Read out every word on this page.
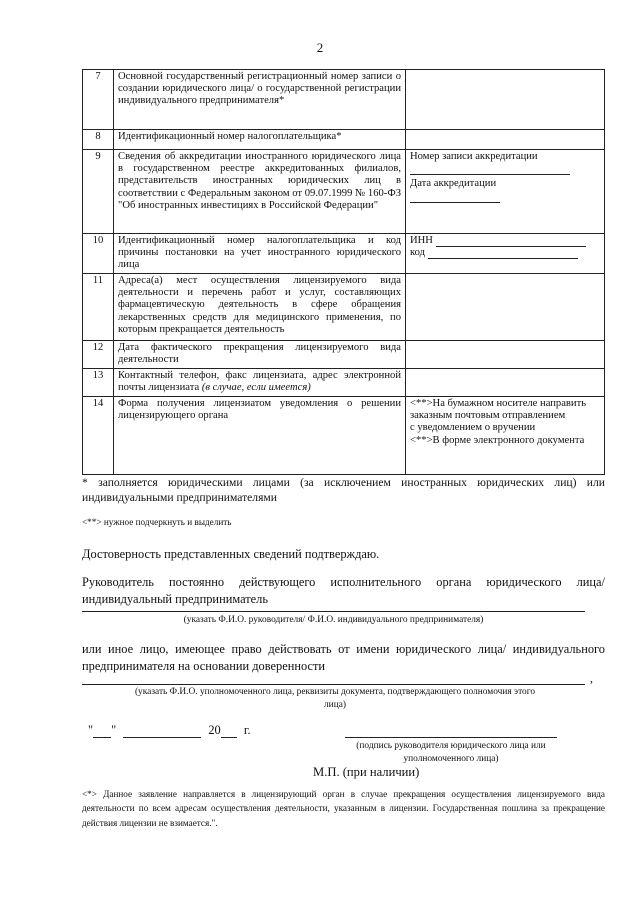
2
7	Основной государственный регистрационный номер записи о создании юридического лица/ о государственной регистрации индивидуального предпринимателя*	
8	Идентификационный номер налогоплательщика*	
9	Сведения об аккредитации иностранного юридического лица в государственном реестре аккредитованных филиалов, представительств иностранных юридических лиц в соответствии с Федеральным законом от 09.07.1999 № 160-ФЗ "Об иностранных инвестициях в Российской Федерации"	Номер записи аккредитации
Дата аккредитации

10	Идентификационный номер налогоплательщика и код причины постановки на учет иностранного юридического лица	ИНН
код

11	Адреса(а) мест осуществления лицензируемого вида деятельности и перечень работ и услуг, составляющих фармацевтическую деятельность в сфере обращения лекарственных средств для медицинского применения, по которым прекращается деятельность	
12	Дата фактического прекращения лицензируемого вида деятельности	
13	Контактный телефон, факс лицензиата, адрес электронной почты лицензиата (в случае, если имеется)	
14	Форма получения лицензиатом уведомления о решении лицензирующего органа	<**>На бумажном носителе направить заказным почтовым отправлением
с уведомлением о вручении
<**>В форме электронного документа
* заполняется юридическими лицами (за исключением иностранных юридических лиц) или индивидуальными предпринимателями
<**> нужное подчеркнуть и выделить
Достоверность представленных сведений подтверждаю.
Руководитель постоянно действующего исполнительного органа юридического лица/ индивидуальный предприниматель
(указать Ф.И.О. руководителя/ Ф.И.О. индивидуального предпринимателя)
или иное лицо, имеющее право действовать от имени юридического лица/ индивидуального предпринимателя на основании доверенности
,
(указать Ф.И.О. уполномоченного лица, реквизиты документа, подтверждающего полномочия этого лица)
" "	20 г.
(подпись руководителя юридического лица или уполномоченного лица)
М.П. (при наличии)
<*> Данное заявление направляется в лицензирующий орган в случае прекращения осуществления лицензируемого вида деятельности по всем адресам осуществления деятельности, указанным в лицензии. Государственная пошлина за прекращение действия лицензии не взимается.".
